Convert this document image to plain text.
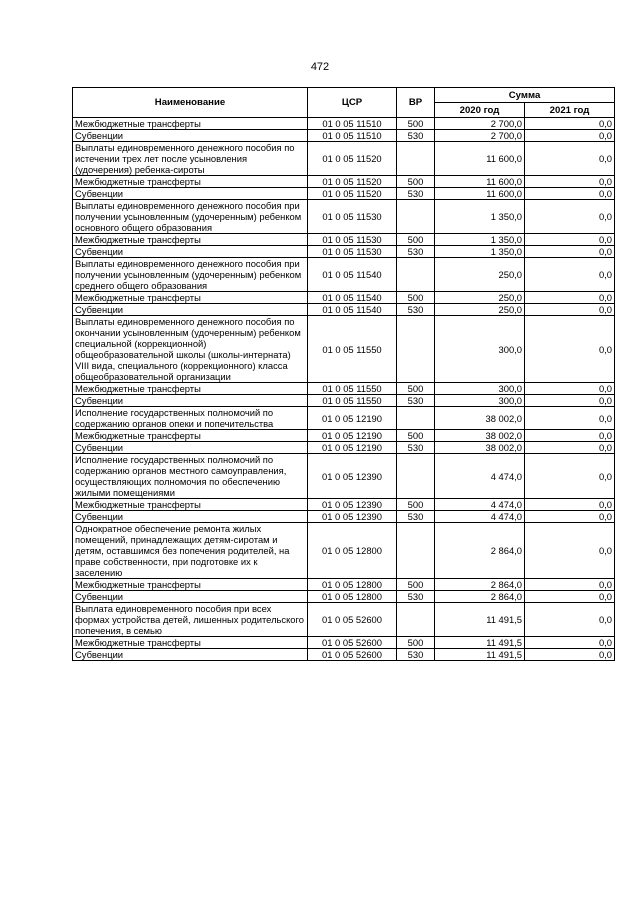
472
Наименование	ЦСР	ВР	Сумма	
			2020 год	2021 год
Межбюджетные трансферты	01 0 05 11510	500	2 700,0	0,0
Субвенции	01 0 05 11510	530	2 700,0	0,0
Выплаты единовременного денежного пособия по истечении трех лет после усыновления (удочерения) ребенка-сироты	01 0 05 11520		11 600,0	0,0
Межбюджетные трансферты	01 0 05 11520	500	11 600,0	0,0
Субвенции	01 0 05 11520	530	11 600,0	0,0
Выплаты единовременного денежного пособия при получении усыновленным (удочеренным) ребенком основного общего образования	01 0 05 11530		1 350,0	0,0
Межбюджетные трансферты	01 0 05 11530	500	1 350,0	0,0
Субвенции	01 0 05 11530	530	1 350,0	0,0
Выплаты единовременного денежного пособия при получении усыновленным (удочеренным) ребенком среднего общего образования	01 0 05 11540		250,0	0,0
Межбюджетные трансферты	01 0 05 11540	500	250,0	0,0
Субвенции	01 0 05 11540	530	250,0	0,0
Выплаты единовременного денежного пособия по окончании усыновленным (удочеренным) ребенком специальной (коррекционной) общеобразовательной школы (школы-интерната) VIII вида, специального (коррекционного) класса общеобразовательной организации	01 0 05 11550		300,0	0,0
Межбюджетные трансферты	01 0 05 11550	500	300,0	0,0
Субвенции	01 0 05 11550	530	300,0	0,0
Исполнение государственных полномочий по содержанию органов опеки и попечительства	01 0 05 12190		38 002,0	0,0
Межбюджетные трансферты	01 0 05 12190	500	38 002,0	0,0
Субвенции	01 0 05 12190	530	38 002,0	0,0
Исполнение государственных полномочий по содержанию органов местного самоуправления, осуществляющих полномочия по обеспечению жилыми помещениями	01 0 05 12390		4 474,0	0,0
Межбюджетные трансферты	01 0 05 12390	500	4 474,0	0,0
Субвенции	01 0 05 12390	530	4 474,0	0,0
Однократное обеспечение ремонта жилых помещений, принадлежащих детям-сиротам и детям, оставшимся без попечения родителей, на праве собственности, при подготовке их к заселению	01 0 05 12800		2 864,0	0,0
Межбюджетные трансферты	01 0 05 12800	500	2 864,0	0,0
Субвенции	01 0 05 12800	530	2 864,0	0,0
Выплата единовременного пособия при всех формах устройства детей, лишенных родительского попечения, в семью	01 0 05 52600		11 491,5	0,0
Межбюджетные трансферты	01 0 05 52600	500	11 491,5	0,0
Субвенции	01 0 05 52600	530	11 491,5	0,0
